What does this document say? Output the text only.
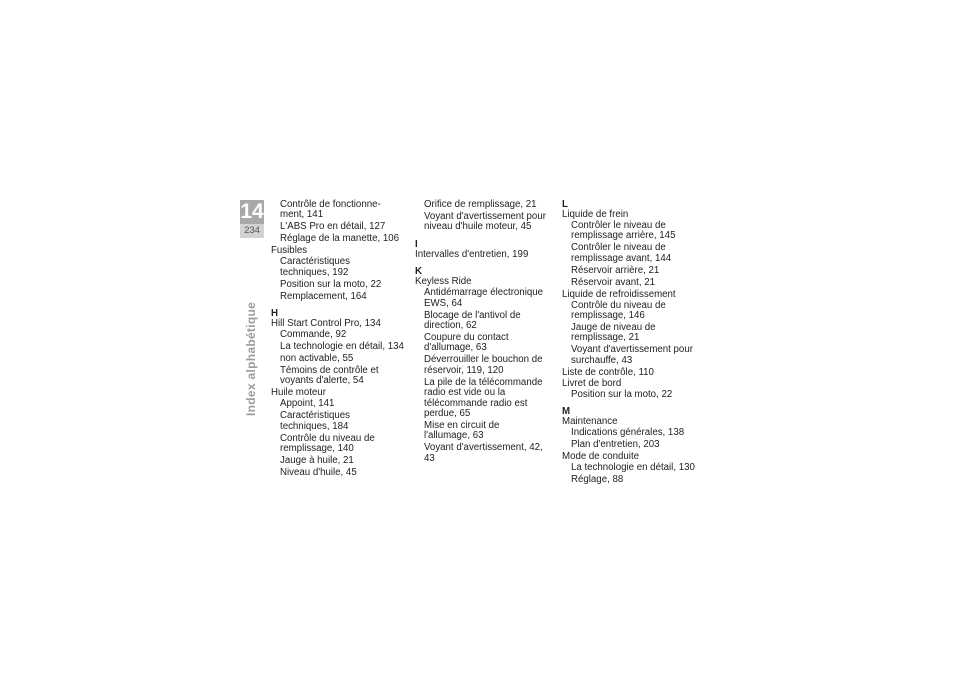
14
234
Index alphabétique
Contrôle de fonctionne-
ment, 141
L'ABS Pro en détail, 127
Réglage de la manette, 106
Fusibles
Caractéristiques
techniques, 192
Position sur la moto, 22
Remplacement, 164
H
Hill Start Control Pro, 134
Commande, 92
La technologie en détail, 134
non activable, 55
Témoins de contrôle et
voyants d'alerte, 54
Huile moteur
Appoint, 141
Caractéristiques
techniques, 184
Contrôle du niveau de
remplissage, 140
Jauge à huile, 21
Niveau d'huile, 45
Orifice de remplissage, 21
Voyant d'avertissement pour
niveau d'huile moteur, 45
I
Intervalles d'entretien, 199
K
Keyless Ride
Antidémarrage électronique
EWS, 64
Blocage de l'antivol de
direction, 62
Coupure du contact
d'allumage, 63
Déverrouiller le bouchon de
réservoir, 119, 120
La pile de la télécommande
radio est vide ou la
télécommande radio est
perdue, 65
Mise en circuit de
l'allumage, 63
Voyant d'avertissement, 42, 43
L
Liquide de frein
Contrôler le niveau de
remplissage arrière, 145
Contrôler le niveau de
remplissage avant, 144
Réservoir arrière, 21
Réservoir avant, 21
Liquide de refroidissement
Contrôle du niveau de
remplissage, 146
Jauge de niveau de
remplissage, 21
Voyant d'avertissement pour
surchauffe, 43
Liste de contrôle, 110
Livret de bord
Position sur la moto, 22
M
Maintenance
Indications générales, 138
Plan d'entretien, 203
Mode de conduite
La technologie en détail, 130
Réglage, 88
